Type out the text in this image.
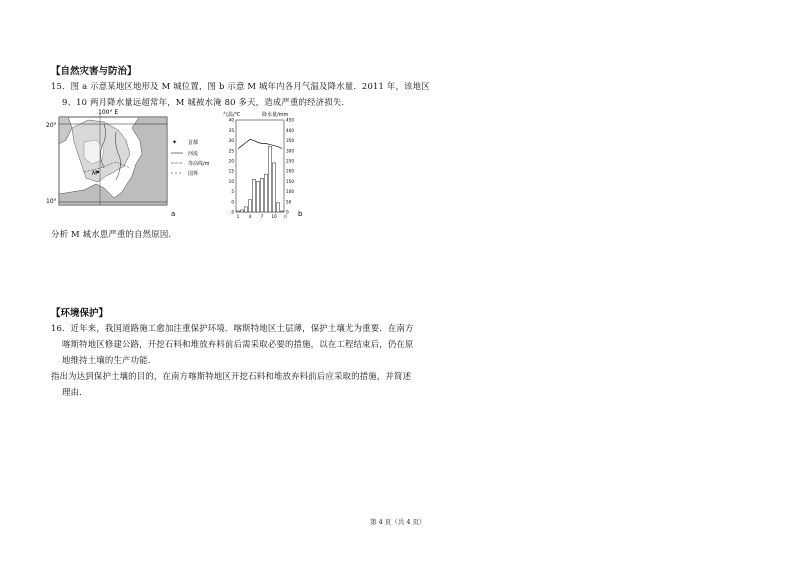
【自然灾害与防治】
15．图 a 示意某地区地形及 M 城位置，图 b 示意 M 城年内各月气温及降水量．2011 年，该地区
9、10 两月降水量远超常年，M 城被水淹 80 多天，造成严重的经济损失.
100° E
20°
10°
M
a
✦ 首都
河流
等高线/m
国界
气温/℃	降水量/mm
40
35
30
25
20
15
10
5
0
-5
450
400
350
300
250
200
150
100
50
0
1 4 7 10 月 b
分析 M 城水患严重的自然原因.
【环境保护】
16．近年来，我国道路施工愈加注重保护环境．喀斯特地区土层薄，保护土壤尤为重要．在南方
喀斯特地区修建公路，开挖石料和堆放弃料前后需采取必要的措施，以在工程结束后，仍在原
地维持土壤的生产功能.
指出为达到保护土壤的目的，在南方喀斯特地区开挖石料和堆放弃料前后应采取的措施，并简述
理由.
第 4 页（共 4 页）
